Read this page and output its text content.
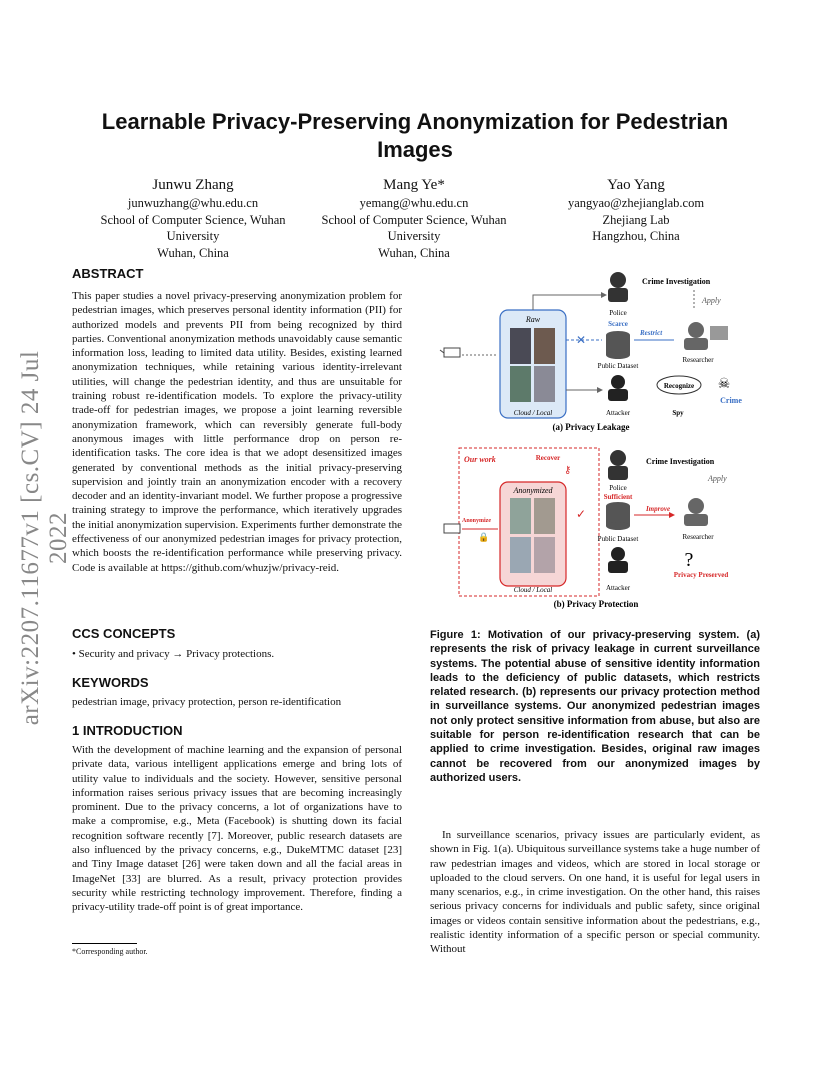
arXiv:2207.11677v1 [cs.CV] 24 Jul 2022
Learnable Privacy-Preserving Anonymization for Pedestrian Images
Junwu Zhang
junwuzhang@whu.edu.cn
School of Computer Science, Wuhan University
Wuhan, China
Mang Ye*
yemang@whu.edu.cn
School of Computer Science, Wuhan University
Wuhan, China
Yao Yang
yangyao@zhejianglab.com
Zhejiang Lab
Hangzhou, China
ABSTRACT
This paper studies a novel privacy-preserving anonymization problem for pedestrian images, which preserves personal identity information (PII) for authorized models and prevents PII from being recognized by third parties. Conventional anonymization methods unavoidably cause semantic information loss, leading to limited data utility. Besides, existing learned anonymization techniques, while retaining various identity-irrelevant utilities, will change the pedestrian identity, and thus are unsuitable for training robust re-identification models. To explore the privacy-utility trade-off for pedestrian images, we propose a joint learning reversible anonymization framework, which can reversibly generate full-body anonymous images with little performance drop on person re-identification tasks. The core idea is that we adopt desensitized images generated by conventional methods as the initial privacy-preserving supervision and jointly train an anonymization encoder with a recovery decoder and an identity-invariant model. We further propose a progressive training strategy to improve the performance, which iteratively upgrades the initial anonymization supervision. Experiments further demonstrate the effectiveness of our anonymized pedestrian images for privacy protection, which boosts the re-identification performance while preserving privacy. Code is available at https://github.com/whuzjw/privacy-reid.
CCS CONCEPTS
• Security and privacy → Privacy protections.
KEYWORDS
pedestrian image, privacy protection, person re-identification
1 INTRODUCTION
With the development of machine learning and the expansion of personal private data, various intelligent applications emerge and bring lots of utility value to individuals and the society. However, sensitive personal information raises serious privacy issues that are becoming increasingly prominent. Due to the privacy concerns, a lot of organizations have to make a compromise, e.g., Meta (Facebook) is shutting down its facial recognition software recently [7]. Moreover, public research datasets are also influenced by the privacy concerns, e.g., DukeMTMC dataset [23] and Tiny Image dataset [26] were taken down and all the facial areas in ImageNet [33] are blurred. As a result, privacy protection provides security while restricting technology improvement. Therefore, finding a privacy-utility trade-off point is of great importance.
*Corresponding author.
Raw
Cloud / Local
Police
Crime Investigation
Apply
Scarce
Public Dataset
✕	Restrict
Researcher
Attacker
Recognize
Spy
☠
Crime
(a) Privacy Leakage
Our work	Recover
⚷
Anonymized
Cloud / Local
Anonymize
🔒
Police
Crime Investigation
Apply
Sufficient
Public Dataset
✓	Improve
Researcher
Attacker
?
Privacy Preserved
(b) Privacy Protection
Figure 1: Motivation of our privacy-preserving system. (a) represents the risk of privacy leakage in current surveillance systems. The potential abuse of sensitive identity information leads to the deficiency of public datasets, which restricts related research. (b) represents our privacy protection method in surveillance systems. Our anonymized pedestrian images not only protect sensitive information from abuse, but also are suitable for person re-identification research that can be applied to crime investigation. Besides, original raw images cannot be recovered from our anonymized images by authorized users.
In surveillance scenarios, privacy issues are particularly evident, as shown in Fig. 1(a). Ubiquitous surveillance systems take a huge number of raw pedestrian images and videos, which are stored in local storage or uploaded to the cloud servers. On one hand, it is useful for legal users in many scenarios, e.g., in crime investigation. On the other hand, this raises serious privacy concerns for individuals and public safety, since original images or videos contain sensitive information about the pedestrians, e.g., realistic identity information of a specific person or special community. Without
